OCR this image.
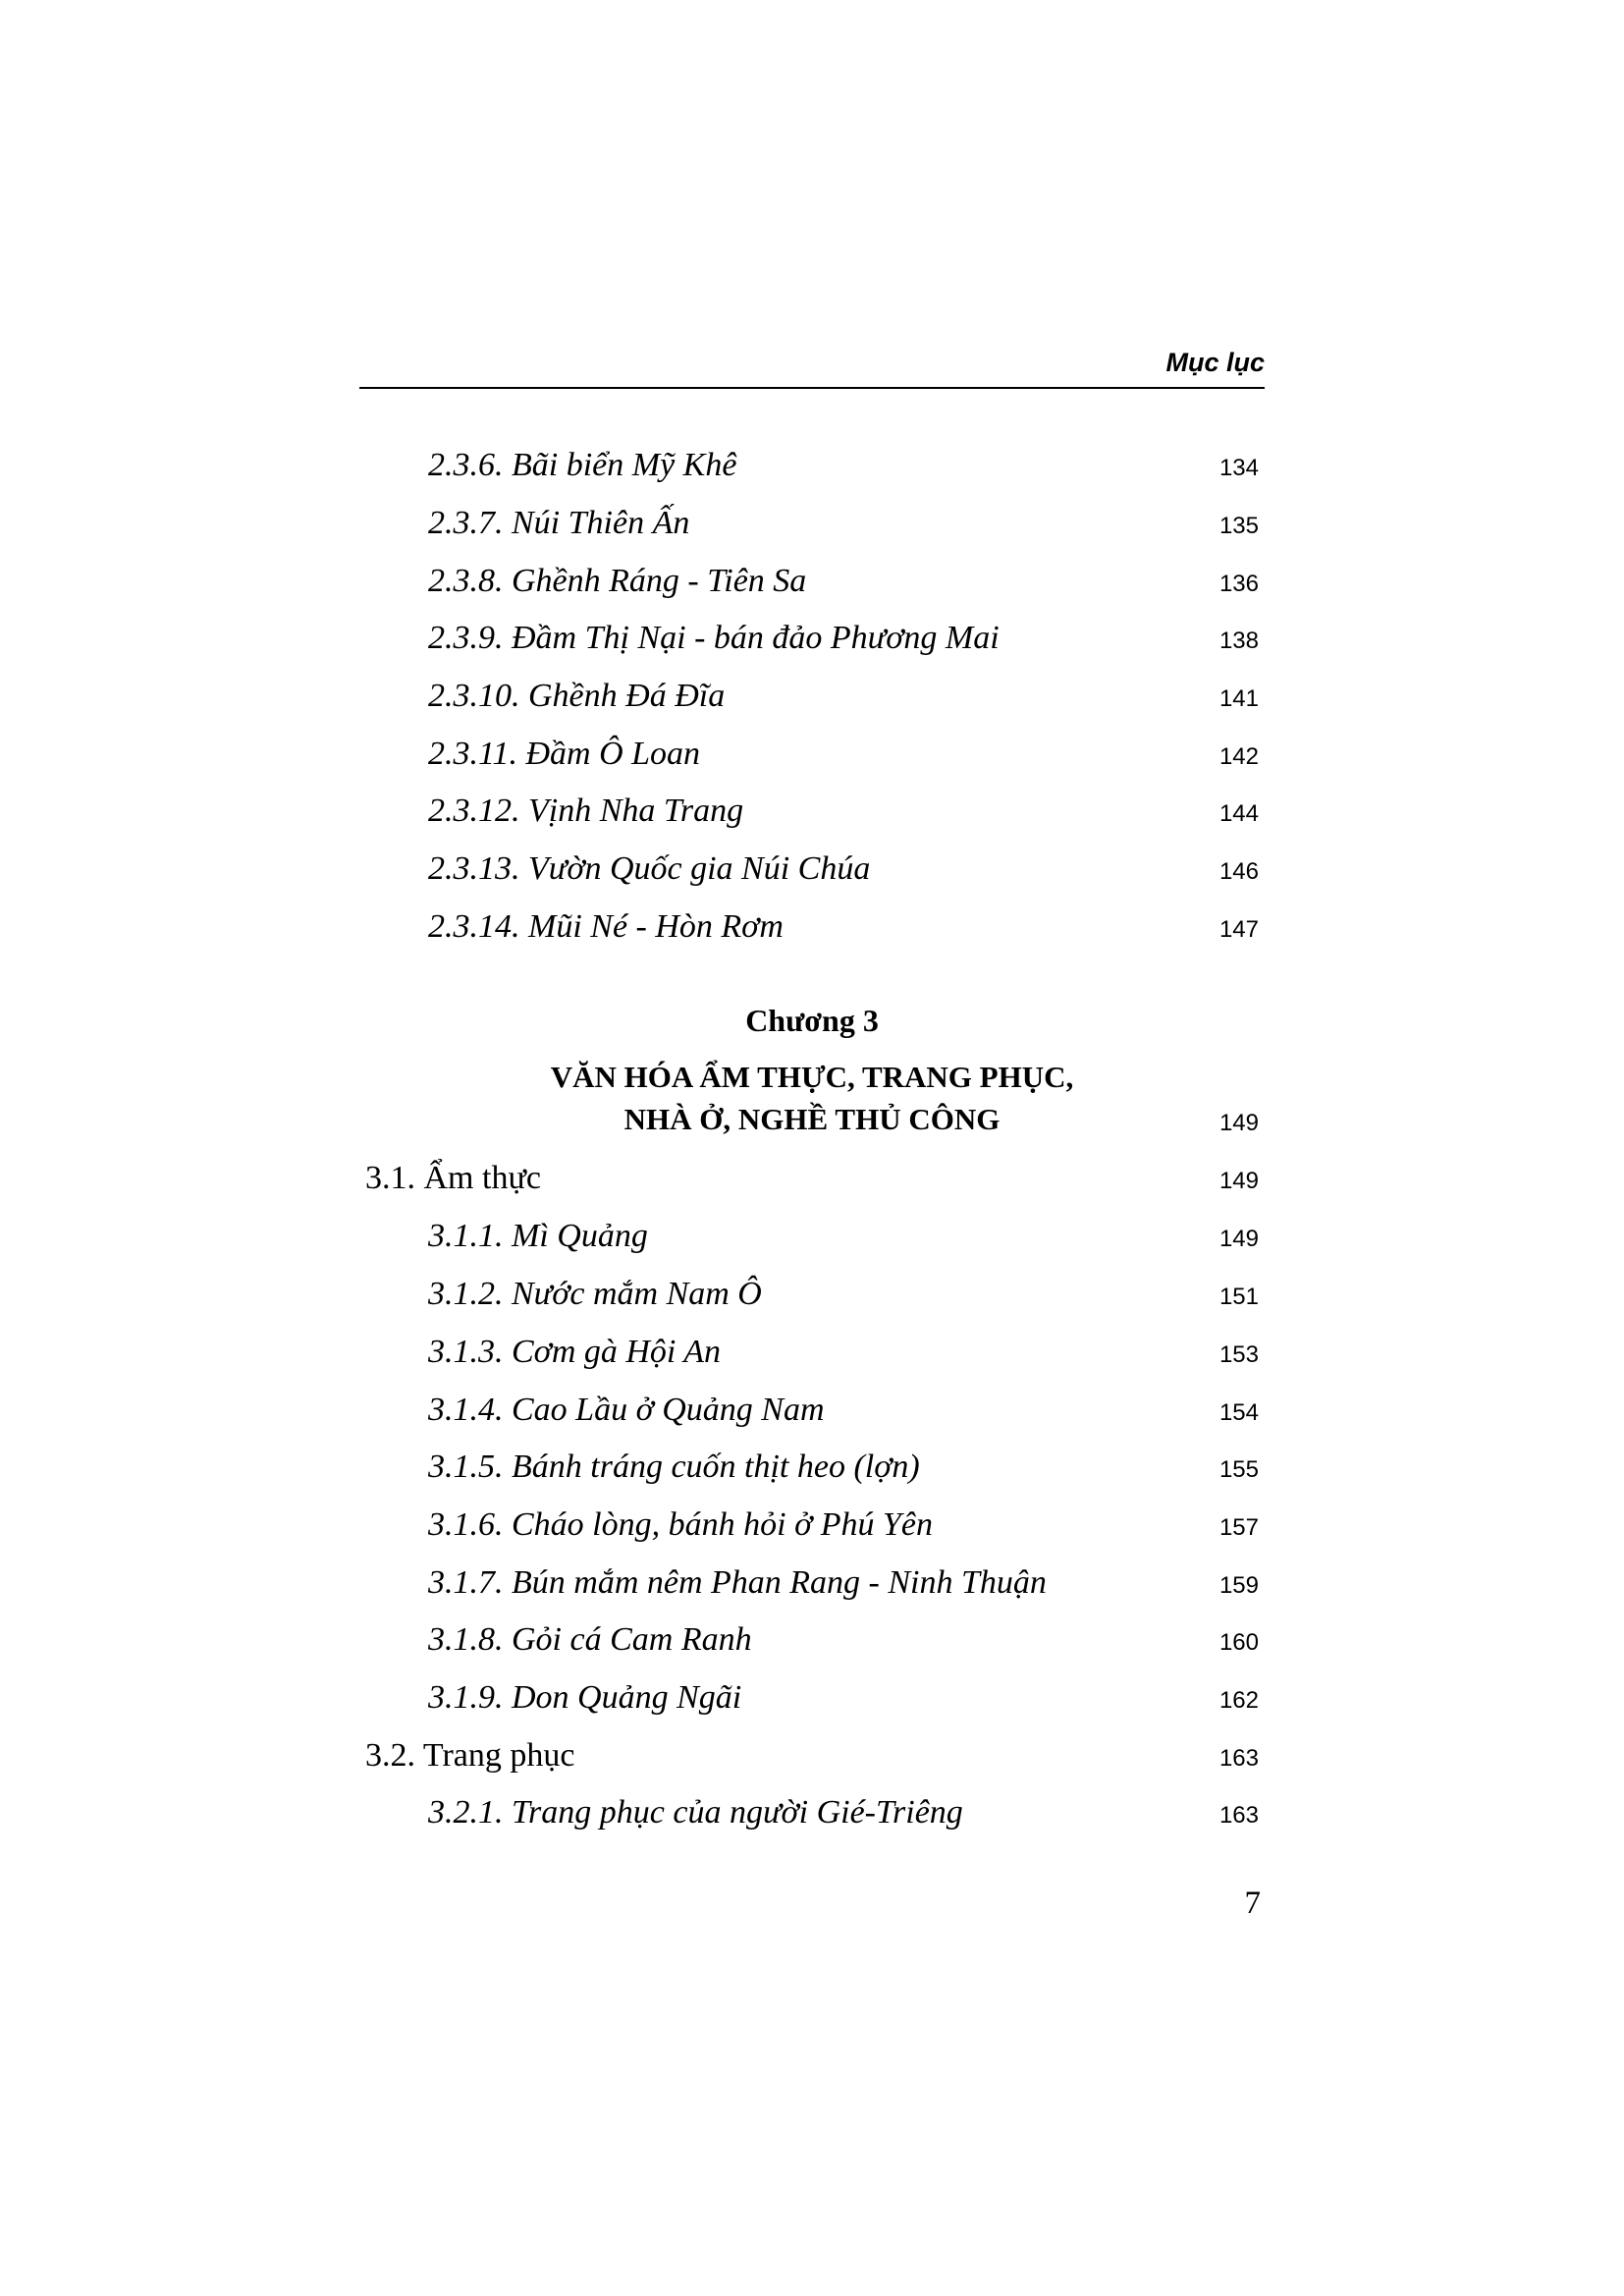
Mục lục
2.3.6. Bãi biển Mỹ Khê	134
2.3.7. Núi Thiên Ấn	135
2.3.8. Ghềnh Ráng - Tiên Sa	136
2.3.9. Đầm Thị Nại - bán đảo Phương Mai	138
2.3.10. Ghềnh Đá Đĩa	141
2.3.11. Đầm Ô Loan	142
2.3.12. Vịnh Nha Trang	144
2.3.13. Vườn Quốc gia Núi Chúa	146
2.3.14. Mũi Né - Hòn Rơm	147
Chương 3
VĂN HÓA ẨM THỰC, TRANG PHỤC,
NHÀ Ở, NGHỀ THỦ CÔNG	149
3.1. Ẩm thực	149
3.1.1. Mì Quảng	149
3.1.2. Nước mắm Nam Ô	151
3.1.3. Cơm gà Hội An	153
3.1.4. Cao Lầu ở Quảng Nam	154
3.1.5. Bánh tráng cuốn thịt heo (lợn)	155
3.1.6. Cháo lòng, bánh hỏi ở Phú Yên	157
3.1.7. Bún mắm nêm Phan Rang - Ninh Thuận	159
3.1.8. Gỏi cá Cam Ranh	160
3.1.9. Don Quảng Ngãi	162
3.2. Trang phục	163
3.2.1. Trang phục của người Gié-Triêng	163
7
